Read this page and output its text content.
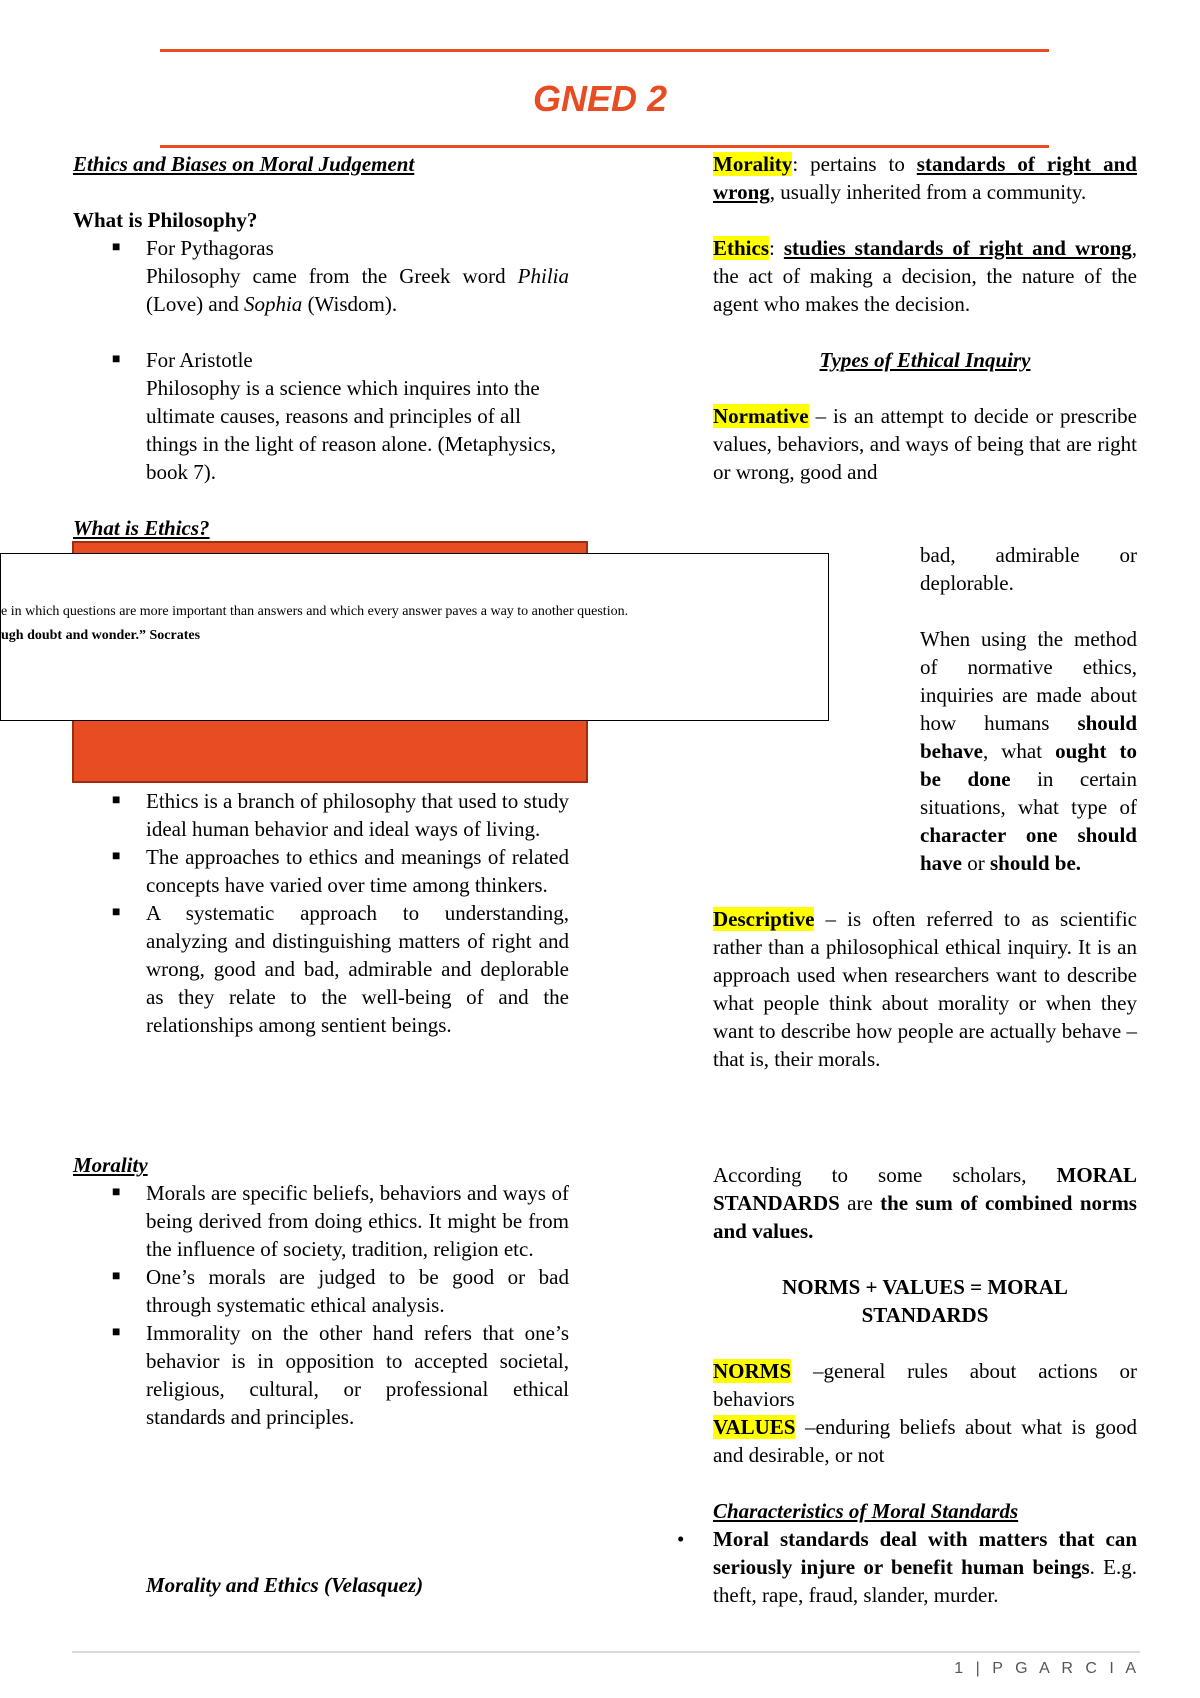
GNED 2

Ethics and Biases on Moral Judgement

What is Philosophy?

■ For Pythagoras

Philosophy came from the Greek word Philia (Love) and Sophia (Wisdom).
■ For Aristotle

Philosophy is a science which inquires into the ultimate causes, reasons and principles of all things in the light of reason alone. (Metaphysics, book 7).

What is Ethics?

e in which questions are more important than answers and which every answer paves a way to another question.
ugh doubt and wonder.” Socrates
■ Ethics is a branch of philosophy that used to study ideal human behavior and ideal ways of living.
■ The approaches to ethics and meanings of related concepts have varied over time among thinkers.
■ A systematic approach to understanding, analyzing and distinguishing matters of right and wrong, good and bad, admirable and deplorable as they relate to the well-being of and the relationships among sentient beings.

Morality

■ Morals are specific beliefs, behaviors and ways of being derived from doing ethics. It might be from the influence of society, tradition, religion etc.
■ One’s morals are judged to be good or bad through systematic ethical analysis.
■ Immorality on the other hand refers that one’s behavior is in opposition to accepted societal, religious, cultural, or professional ethical standards and principles.
Morality and Ethics (Velasquez)

Morality: pertains to standards of right and wrong, usually inherited from a community.

Ethics: studies standards of right and wrong, the act of making a decision, the nature of the agent who makes the decision.

Types of Ethical Inquiry

Normative – is an attempt to decide or prescribe values, behaviors, and ways of being that are right or wrong, good and

bad, admirable or deplorable.

When using the method of normative ethics, inquiries are made about how humans should behave, what ought to be done in certain situations, what type of character one should have or should be.

Descriptive – is often referred to as scientific rather than a philosophical ethical inquiry. It is an approach used when researchers want to describe what people think about morality or when they want to describe how people are actually behave – that is, their morals.

According to some scholars, MORAL STANDARDS are the sum of combined norms and values.

NORMS + VALUES = MORAL

STANDARDS

NORMS –general rules about actions or behaviors

VALUES –enduring beliefs about what is good and desirable, or not

Characteristics of Moral Standards

• Moral standards deal with matters that can seriously injure or benefit human beings. E.g. theft, rape, fraud, slander, murder.

1 | P G A R C I A
